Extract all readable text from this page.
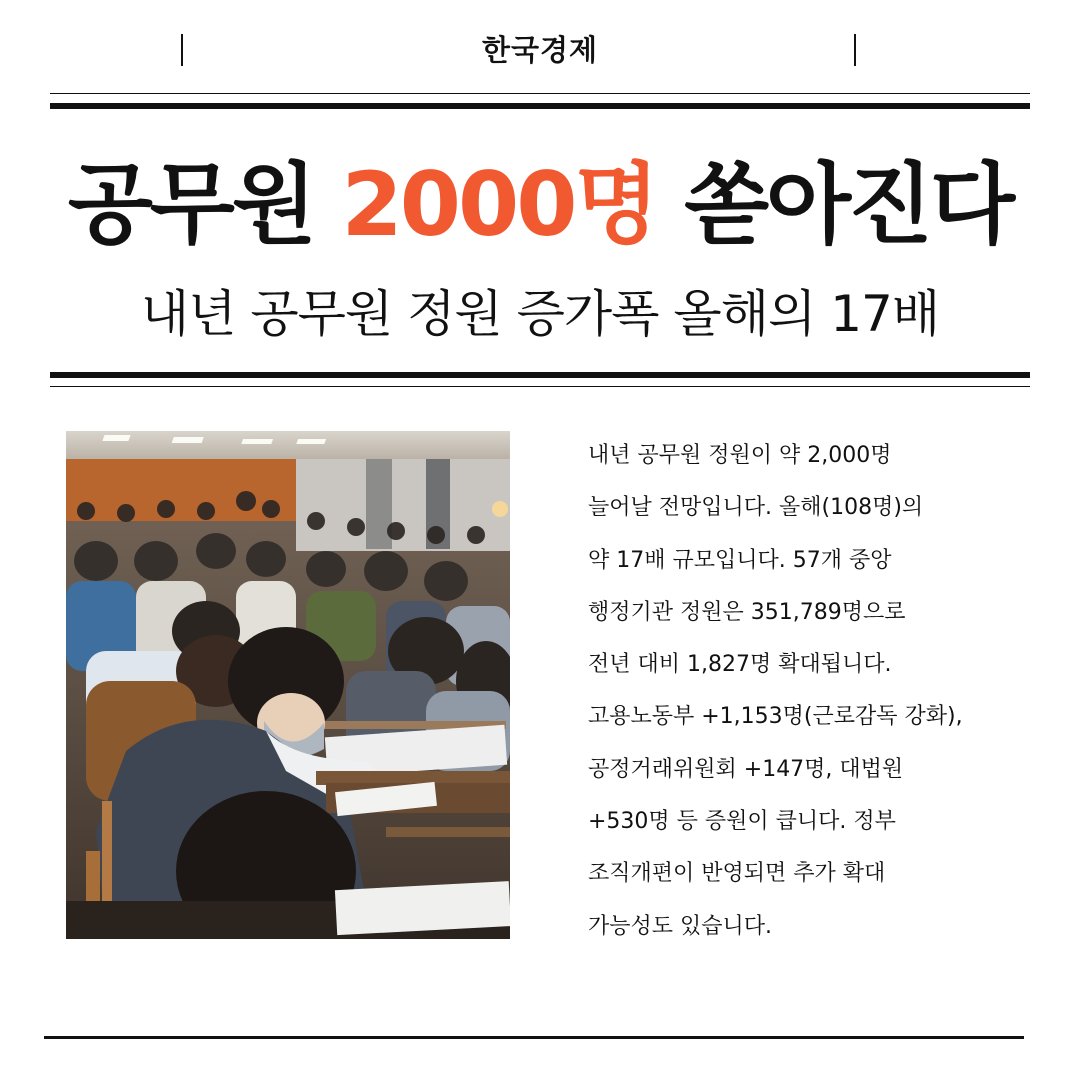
한국경제
공무원 2000명 쏟아진다
내년 공무원 정원 증가폭 올해의 17배
내년 공무원 정원이 약 2,000명
늘어날 전망입니다. 올해(108명)의
약 17배 규모입니다. 57개 중앙
행정기관 정원은 351,789명으로
전년 대비 1,827명 확대됩니다.
고용노동부 +1,153명(근로감독 강화),
공정거래위원회 +147명, 대법원
+530명 등 증원이 큽니다. 정부
조직개편이 반영되면 추가 확대
가능성도 있습니다.
